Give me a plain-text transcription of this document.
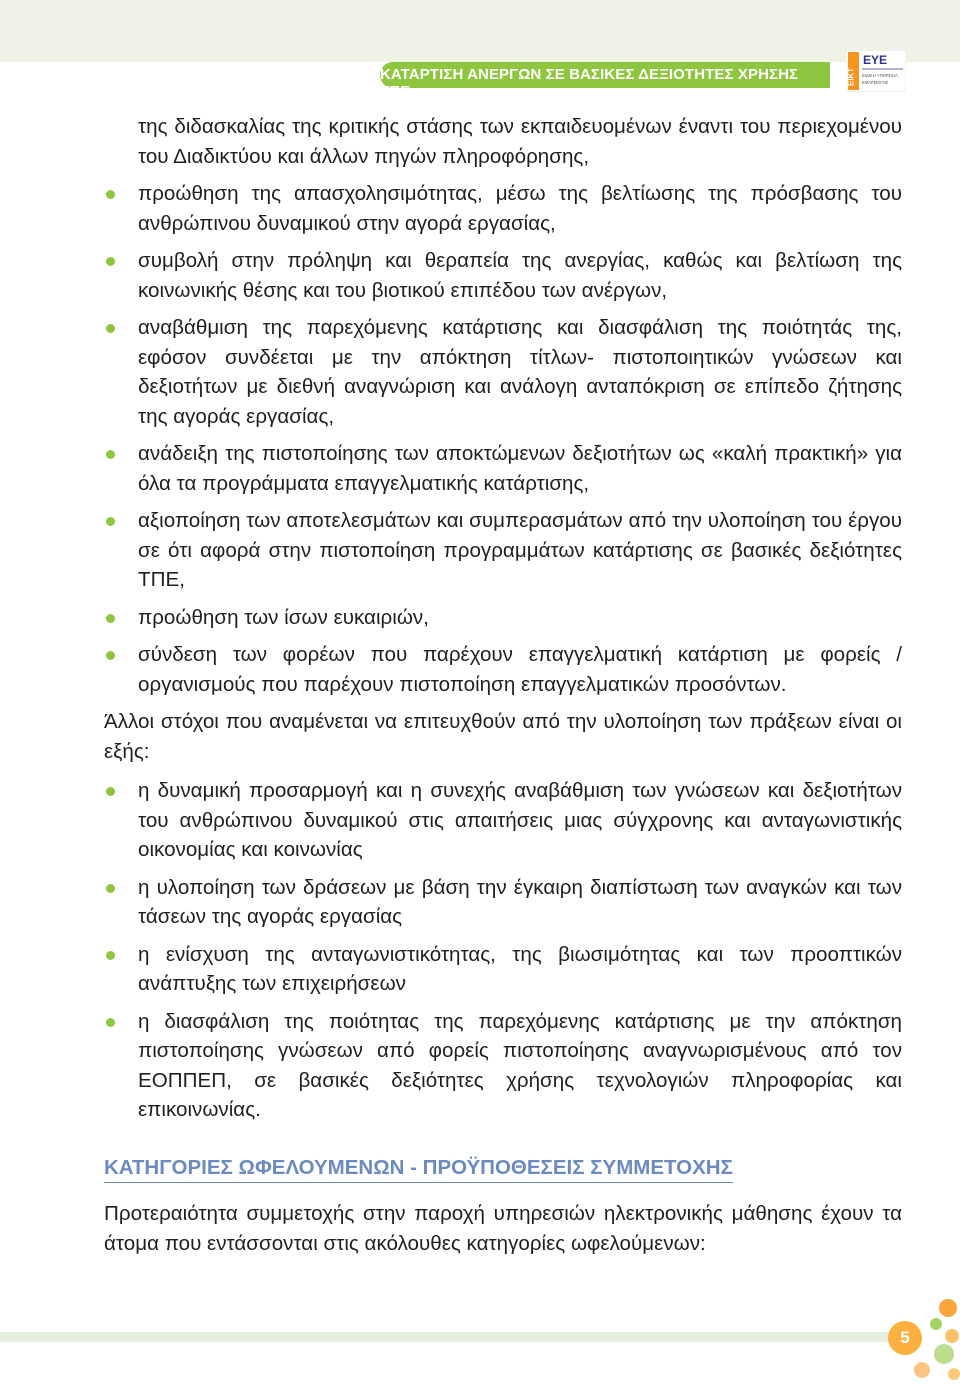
ΚΑΤΑΡΤΙΣΗ ΑΝΕΡΓΩΝ ΣΕ ΒΑΣΙΚΕΣ ΔΕΞΙΟΤΗΤΕΣ ΧΡΗΣΗΣ ΤΠΕ
ΕΙΚΤ
ΕΥΕ
ΕΙΔΙΚΗ ΥΠΗΡΕΣΙΑ
ΕΦΑΡΜΟΓΗΣ
της διδασκαλίας της κριτικής στάσης των εκπαιδευομένων έναντι του περιεχομένου του Διαδικτύου και άλλων πηγών πληροφόρησης,
προώθηση της απασχολησιμότητας, μέσω της βελτίωσης της πρόσβασης του ανθρώπινου δυναμικού στην αγορά εργασίας,
συμβολή στην πρόληψη και θεραπεία της ανεργίας, καθώς και βελτίωση της κοινωνικής θέσης και του βιοτικού επιπέδου των ανέργων,
αναβάθμιση της παρεχόμενης κατάρτισης και διασφάλιση της ποιότητάς της, εφόσον συνδέεται με την απόκτηση τίτλων- πιστοποιητικών γνώσεων και δεξιοτήτων με διεθνή αναγνώριση και ανάλογη ανταπόκριση σε επίπεδο ζήτησης της αγοράς εργασίας,
ανάδειξη της πιστοποίησης των αποκτώμενων δεξιοτήτων ως «καλή πρακτική» για όλα τα προγράμματα επαγγελματικής κατάρτισης,
αξιοποίηση των αποτελεσμάτων και συμπερασμάτων από την υλοποίηση του έργου σε ότι αφορά στην πιστοποίηση προγραμμάτων κατάρτισης σε βασικές δεξιότητες ΤΠΕ,
προώθηση των ίσων ευκαιριών,
σύνδεση των φορέων που παρέχουν επαγγελματική κατάρτιση με φορείς / οργανισμούς που παρέχουν πιστοποίηση επαγγελματικών προσόντων.

Άλλοι στόχοι που αναμένεται να επιτευχθούν από την υλοποίηση των πράξεων είναι οι εξής:

η δυναμική προσαρμογή και η συνεχής αναβάθμιση των γνώσεων και δεξιοτήτων του ανθρώπινου δυναμικού στις απαιτήσεις μιας σύγχρονης και ανταγωνιστικής οικονομίας και κοινωνίας
η υλοποίηση των δράσεων με βάση την έγκαιρη διαπίστωση των αναγκών και των τάσεων της αγοράς εργασίας
η ενίσχυση της ανταγωνιστικότητας, της βιωσιμότητας και των προοπτικών ανάπτυξης των επιχειρήσεων
η διασφάλιση της ποιότητας της παρεχόμενης κατάρτισης με την απόκτηση πιστοποίησης γνώσεων από φορείς πιστοποίησης αναγνωρισμένους από τον ΕΟΠΠΕΠ, σε βασικές δεξιότητες χρήσης τεχνολογιών πληροφορίας και επικοινωνίας.
ΚΑΤΗΓΟΡΙΕΣ ΩΦΕΛΟΥΜΕΝΩΝ - ΠΡΟΫΠΟΘΕΣΕΙΣ ΣΥΜΜΕΤΟΧΗΣ

Προτεραιότητα συμμετοχής στην παροχή υπηρεσιών ηλεκτρονικής μάθησης έχουν τα άτομα που εντάσσονται στις ακόλουθες κατηγορίες ωφελούμενων:

5
